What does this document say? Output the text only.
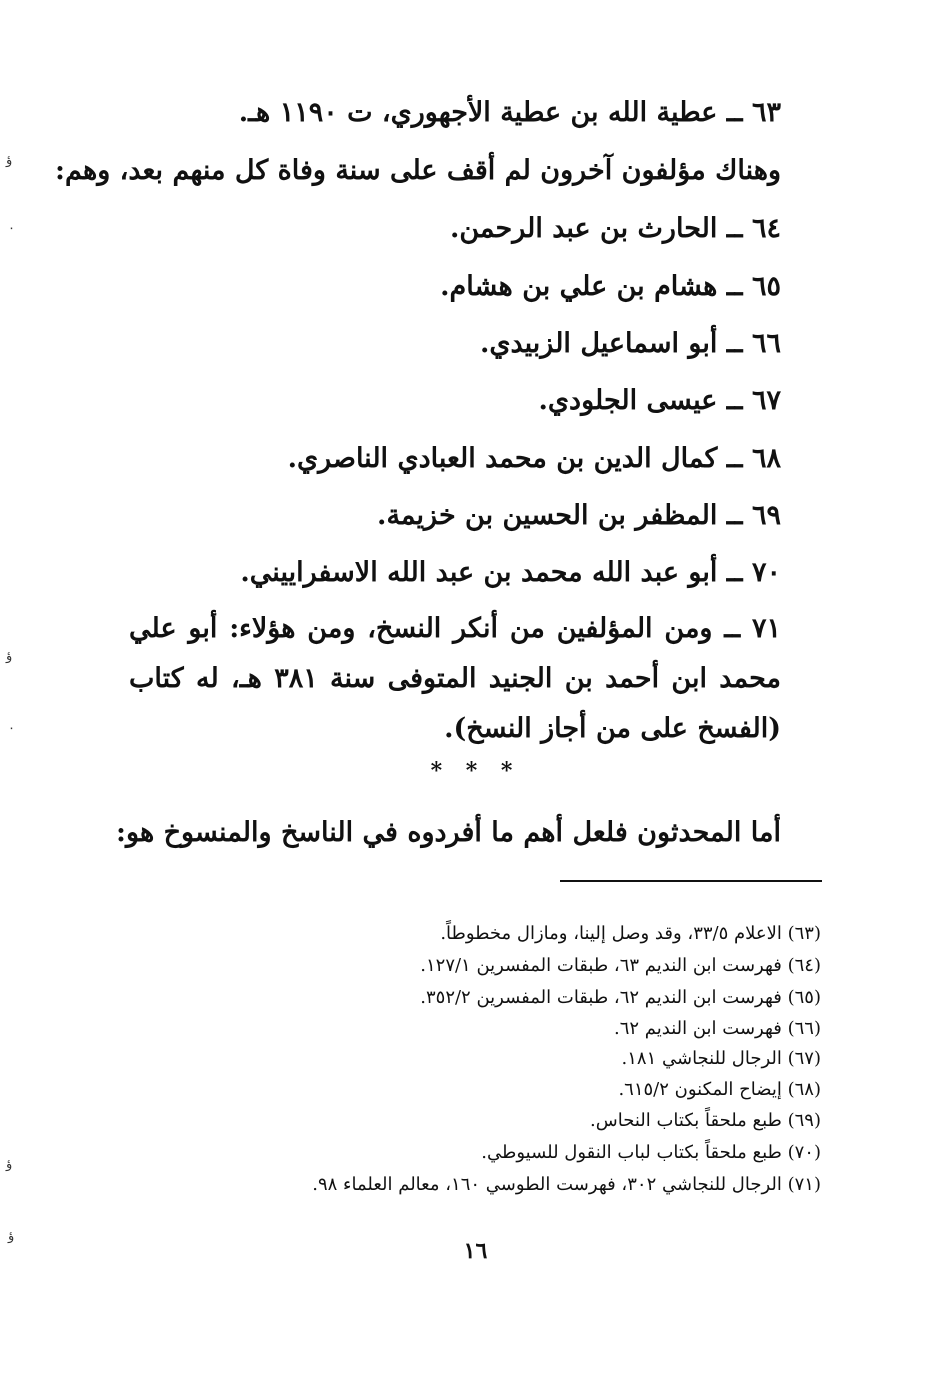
٦٣ ــ عطية الله بن عطية الأجهوري، ت ١١٩٠ هـ.
وهناك مؤلفون آخرون لم أقف على سنة وفاة كل منهم بعد، وهم:
٦٤ ــ الحارث بن عبد الرحمن.
٦٥ ــ هشام بن علي بن هشام.
٦٦ ــ أبو اسماعيل الزبيدي.
٦٧ ــ عيسى الجلودي.
٦٨ ــ كمال الدين بن محمد العبادي الناصري.
٦٩ ــ المظفر بن الحسين بن خزيمة.
٧٠ ــ أبو عبد الله محمد بن عبد الله الاسفراييني.
٧١ ــ ومن المؤلفين من أنكر النسخ، ومن هؤلاء: أبو علي محمد ابن أحمد بن الجنيد المتوفى سنة ٣٨١ هـ، له كتاب (الفسخ على من أجاز النسخ).
* * *
أما المحدثون فلعل أهم ما أفردوه في الناسخ والمنسوخ هو:
(٦٣) الاعلام ٣٣/٥، وقد وصل إلينا، ومازال مخطوطاً.
(٦٤) فهرست ابن النديم ٦٣، طبقات المفسرين ١٢٧/١.
(٦٥) فهرست ابن النديم ٦٢، طبقات المفسرين ٣٥٢/٢.
(٦٦) فهرست ابن النديم ٦٢.
(٦٧) الرجال للنجاشي ١٨١.
(٦٨) إيضاح المكنون ٦١٥/٢.
(٦٩) طبع ملحقاً بكتاب النحاس.
(٧٠) طبع ملحقاً بكتاب لباب النقول للسيوطي.
(٧١) الرجال للنجاشي ٣٠٢، فهرست الطوسي ١٦٠، معالم العلماء ٩٨.
١٦
ؤ
٠
ؤ
٠
ؤ
ؤ
